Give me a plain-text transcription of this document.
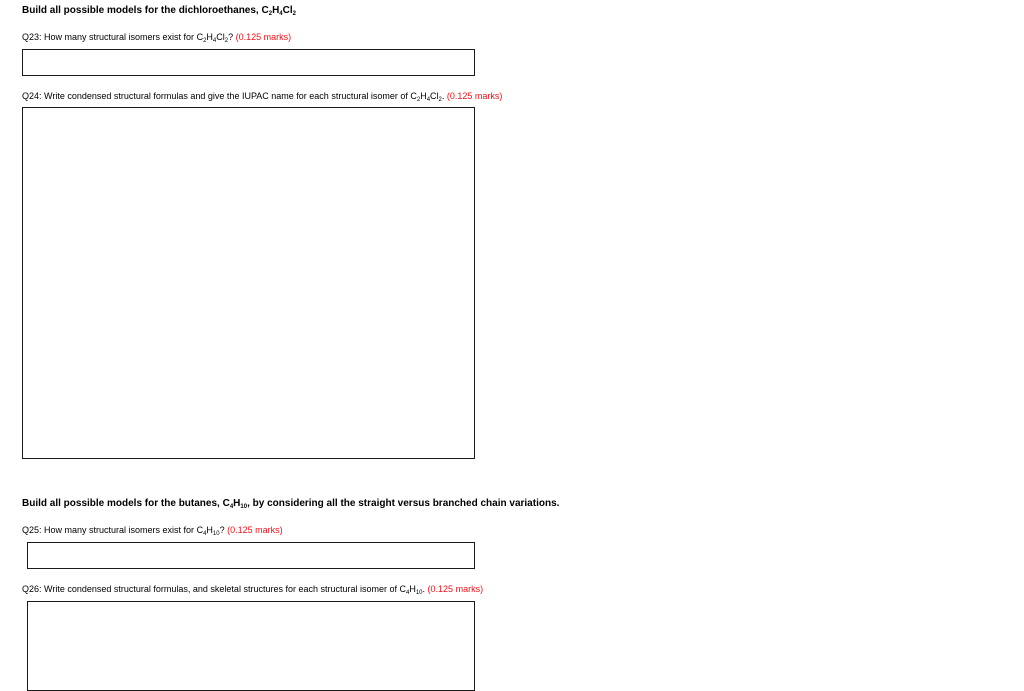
Build all possible models for the dichloroethanes, $C_2H_4Cl_2$
Q23: How many structural isomers exist for $C_2H_4Cl_2$? (0.125 marks)
Q24: Write condensed structural formulas and give the IUPAC name for each structural isomer of $C_2H_4Cl_2$. (0.125 marks)
Build all possible models for the butanes, $C_4H_{10}$, by considering all the straight versus branched chain variations.
Q25: How many structural isomers exist for $C_4H_{10}$? (0.125 marks)
Q26: Write condensed structural formulas, and skeletal structures for each structural isomer of $C_4H_{10}$. (0.125 marks)
